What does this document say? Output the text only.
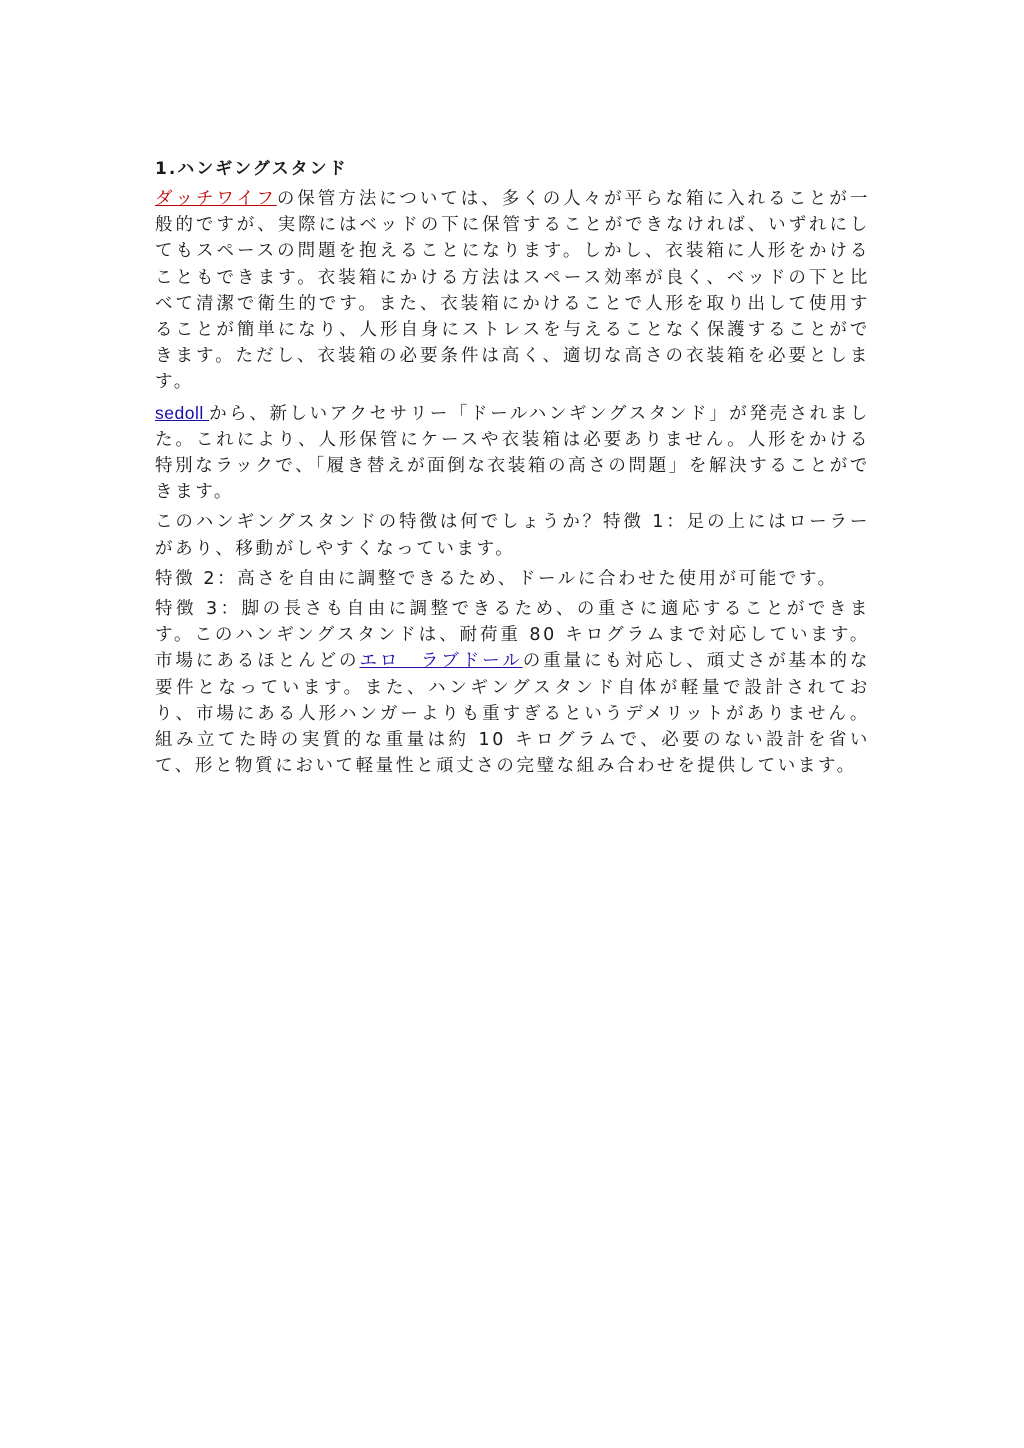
1.ハンギングスタンド

ダッチワイフの保管方法については、多くの人々が平らな箱に入れることが一般的ですが、実際にはベッドの下に保管することができなければ、いずれにしてもスペースの問題を抱えることになります。しかし、衣装箱に人形をかけることもできます。衣装箱にかける方法はスペース効率が良く、ベッドの下と比べて清潔で衛生的です。また、衣装箱にかけることで人形を取り出して使用することが簡単になり、人形自身にストレスを与えることなく保護することができます。ただし、衣装箱の必要条件は高く、適切な高さの衣装箱を必要とします。

sedoll から、新しいアクセサリー「ドールハンギングスタンド」が発売されました。これにより、人形保管にケースや衣装箱は必要ありません。人形をかける特別なラックで、「履き替えが面倒な衣装箱の高さの問題」を解決することができます。

このハンギングスタンドの特徴は何でしょうか？特徴 1：足の上にはローラーがあり、移動がしやすくなっています。

特徴 2：高さを自由に調整できるため、ドールに合わせた使用が可能です。

特徴 3：脚の長さも自由に調整できるため、の重さに適応することができます。このハンギングスタンドは、耐荷重 80 キログラムまで対応しています。市場にあるほとんどのエロ　ラブドールの重量にも対応し、頑丈さが基本的な要件となっています。また、ハンギングスタンド自体が軽量で設計されており、市場にある人形ハンガーよりも重すぎるというデメリットがありません。組み立てた時の実質的な重量は約 10 キログラムで、必要のない設計を省いて、形と物質において軽量性と頑丈さの完璧な組み合わせを提供しています。
